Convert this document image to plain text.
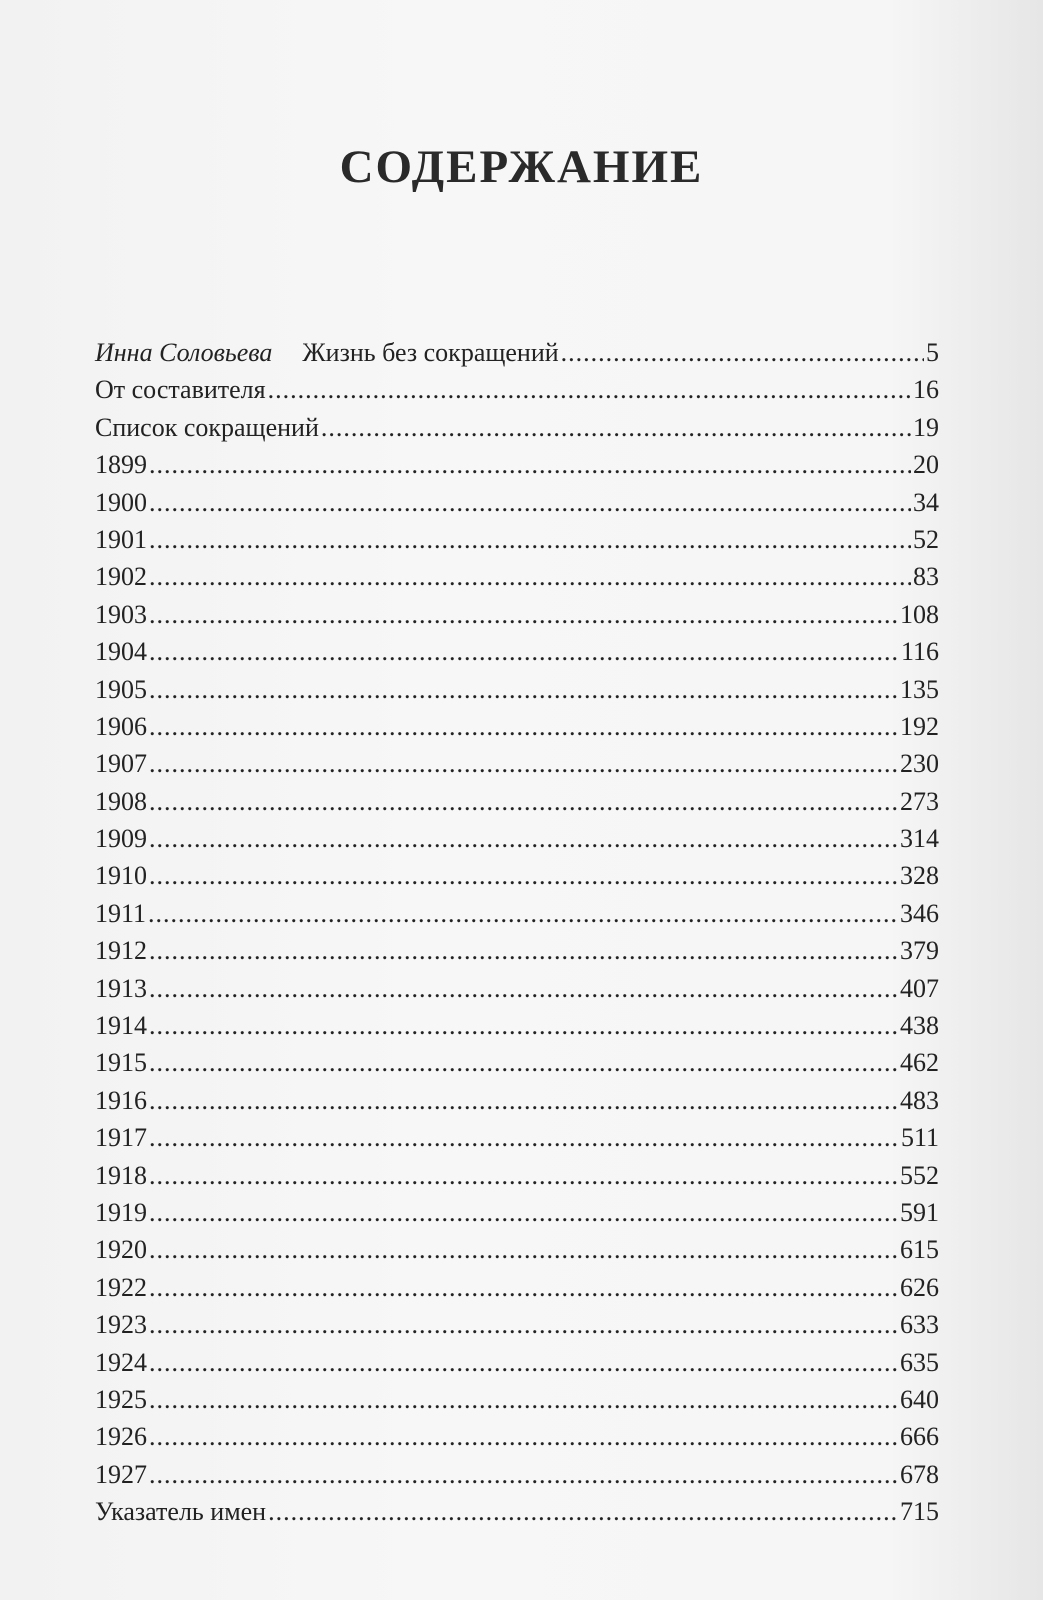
СОДЕРЖАНИЕ
Инна Соловьева Жизнь без сокращений .....	5
От составителя .....	16
Список сокращений .....	19
1899 .....	20
1900 .....	34
1901 .....	52
1902 .....	83
1903 .....	108
1904 .....	116
1905 .....	135
1906 .....	192
1907 .....	230
1908 .....	273
1909 .....	314
1910 .....	328
1911 .....	346
1912 .....	379
1913 .....	407
1914 .....	438
1915 .....	462
1916 .....	483
1917 .....	511
1918 .....	552
1919 .....	591
1920 .....	615
1922 .....	626
1923 .....	633
1924 .....	635
1925 .....	640
1926 .....	666
1927 .....	678
Указатель имен .....	715
